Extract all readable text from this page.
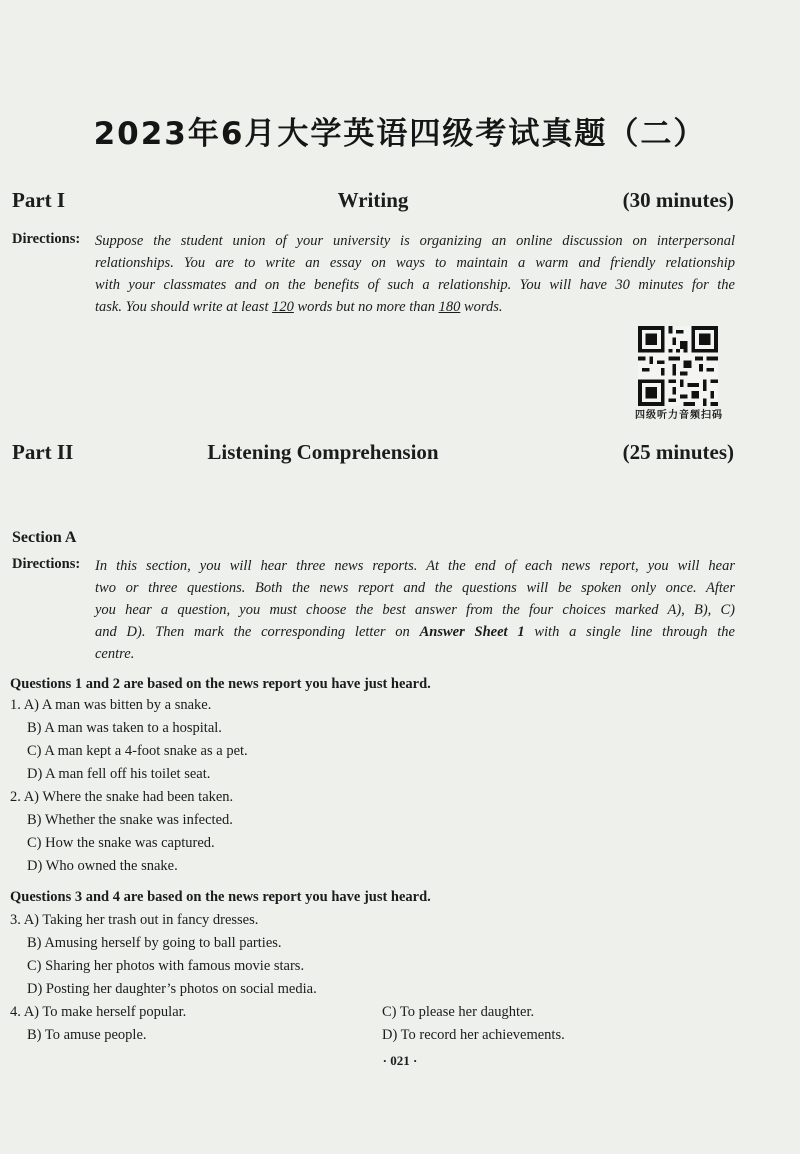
2023年6月大学英语四级考试真题（二）
Part I	Writing	(30 minutes)
Directions: Suppose the student union of your university is organizing an online discussion on interpersonal
relationships. You are to write an essay on ways to maintain a warm and friendly relationship
with your classmates and on the benefits of such a relationship. You will have 30 minutes for the
task. You should write at least 120 words but no more than 180 words.
四级听力音频扫码
Part II	Listening Comprehension	(25 minutes)
Section A
Directions: In this section, you will hear three news reports. At the end of each news report, you will hear
two or three questions. Both the news report and the questions will be spoken only once. After
you hear a question, you must choose the best answer from the four choices marked A), B), C)
and D). Then mark the corresponding letter on Answer Sheet 1 with a single line through the
centre.
Questions 1 and 2 are based on the news report you have just heard.
1. A) A man was bitten by a snake.
B) A man was taken to a hospital.
C) A man kept a 4-foot snake as a pet.
D) A man fell off his toilet seat.
2. A) Where the snake had been taken.
B) Whether the snake was infected.
C) How the snake was captured.
D) Who owned the snake.
Questions 3 and 4 are based on the news report you have just heard.
3. A) Taking her trash out in fancy dresses.
B) Amusing herself by going to ball parties.
C) Sharing her photos with famous movie stars.
D) Posting her daughter’s photos on social media.
4. A) To make herself popular.
B) To amuse people.
C) To please her daughter.
D) To record her achievements.
· 021 ·
